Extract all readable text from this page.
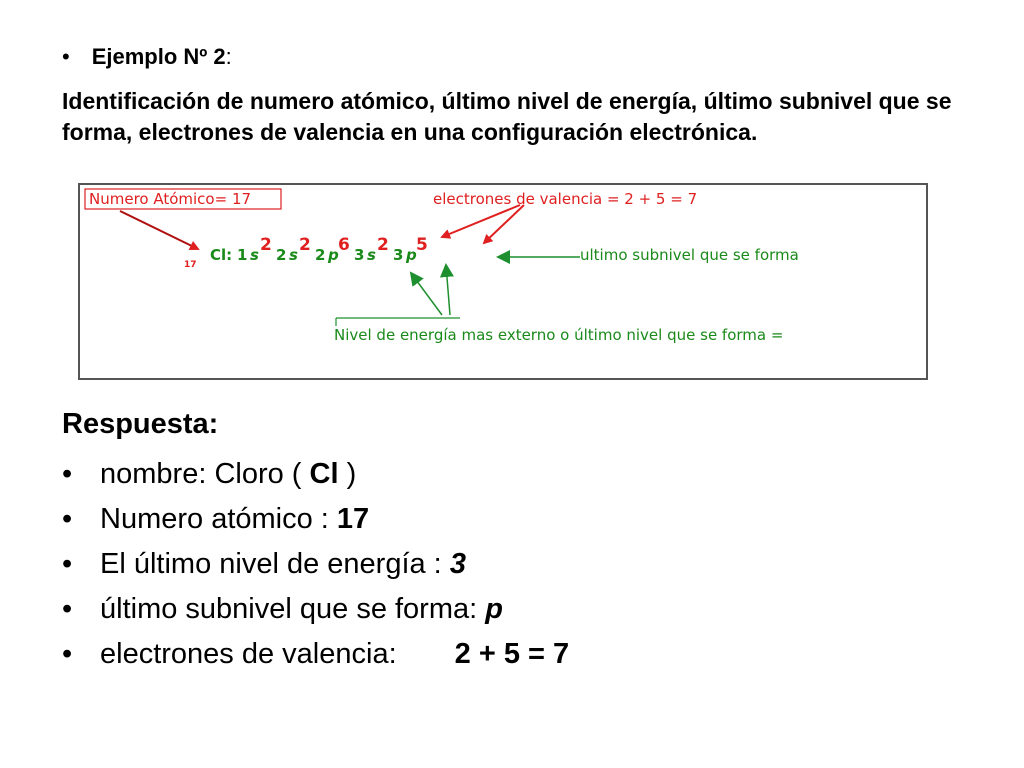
• Ejemplo Nº 2:
Identificación de numero atómico, último nivel de energía, último subnivel que se forma, electrones de valencia en una configuración electrónica.
Numero Atómico= 17	electrones de valencia = 2 + 5 = 7
17
Cl: 1 s 2 2 s 2 2 p 6 3 s 2 3 p 5	ultimo subnivel que se forma
Nivel de energía mas externo o último nivel que se forma =
Respuesta:
• nombre: Cloro ( Cl )
• Numero atómico : 17
• El último nivel de energía : 3
• último subnivel que se forma: p
• electrones de valencia: 2 + 5 = 7
